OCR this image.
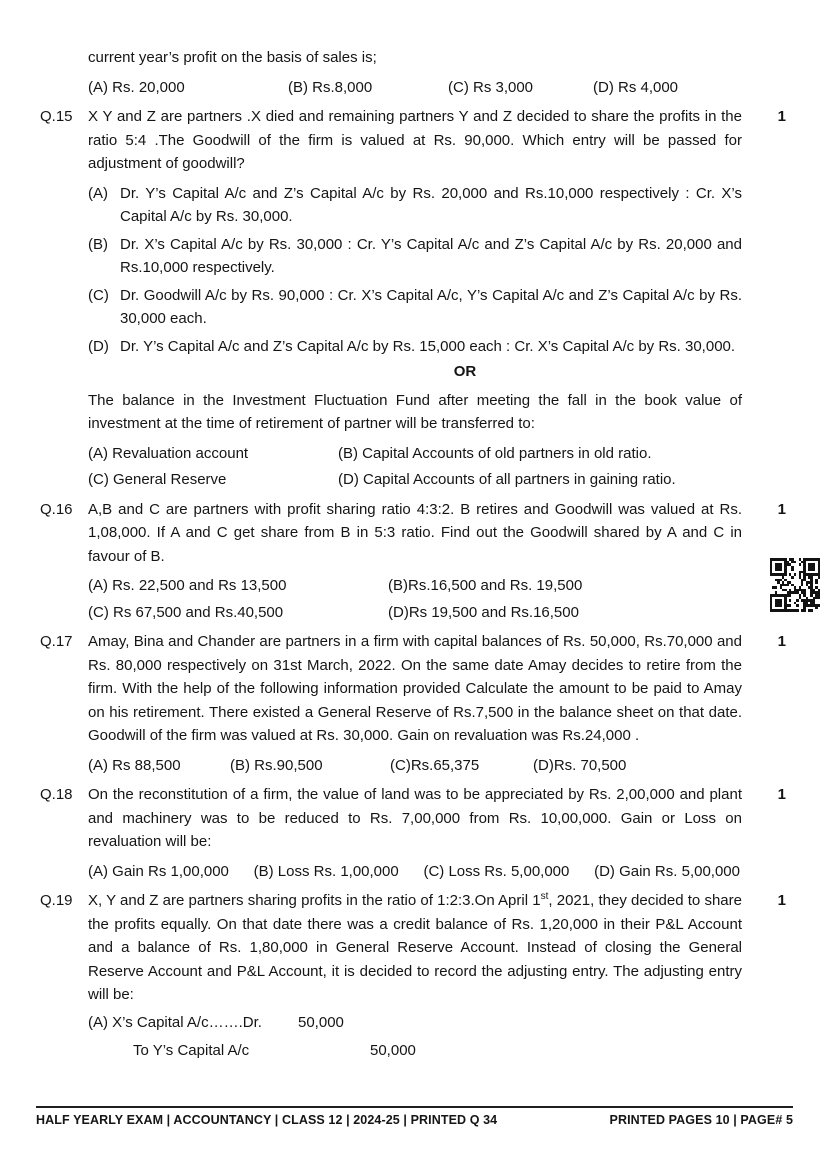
current year’s profit on the basis of sales is;
(A) Rs. 20,000	(B) Rs.8,000	(C) Rs 3,000	(D) Rs 4,000
Q.15	X Y and Z are partners .X died and remaining partners Y and Z decided to share the profits in the ratio 5:4 .The Goodwill of the firm is valued at Rs. 90,000. Which entry will be passed for adjustment of goodwill?
(A) Dr. Y’s Capital A/c and Z’s Capital A/c by Rs. 20,000 and Rs.10,000 respectively : Cr. X’s Capital A/c by Rs. 30,000.
(B) Dr. X’s Capital A/c by Rs. 30,000 : Cr. Y’s Capital A/c and Z’s Capital A/c by Rs. 20,000 and Rs.10,000 respectively.
(C) Dr. Goodwill A/c by Rs. 90,000 : Cr. X’s Capital A/c, Y’s Capital A/c and Z’s Capital A/c by Rs. 30,000 each.
(D) Dr. Y’s Capital A/c and Z’s Capital A/c by Rs. 15,000 each : Cr. X’s Capital A/c by Rs. 30,000.
1
OR
The balance in the Investment Fluctuation Fund after meeting the fall in the book value of investment at the time of retirement of partner will be transferred to:
(A) Revaluation account	(B) Capital Accounts of old partners in old ratio.
(C) General Reserve	(D) Capital Accounts of all partners in gaining ratio.
Q.16	A,B and C are partners with profit sharing ratio 4:3:2. B retires and Goodwill was valued at Rs. 1,08,000. If A and C get share from B in 5:3 ratio. Find out the Goodwill shared by A and C in favour of B.
(A) Rs. 22,500 and Rs 13,500	(B)Rs.16,500 and Rs. 19,500
(C) Rs 67,500 and Rs.40,500	(D)Rs 19,500 and Rs.16,500
1
Q.17	Amay, Bina and Chander are partners in a firm with capital balances of Rs. 50,000, Rs.70,000 and Rs. 80,000 respectively on 31st March, 2022. On the same date Amay decides to retire from the firm. With the help of the following information provided Calculate the amount to be paid to Amay on his retirement. There existed a General Reserve of Rs.7,500 in the balance sheet on that date. Goodwill of the firm was valued at Rs. 30,000. Gain on revaluation was Rs.24,000 .
(A) Rs 88,500	(B) Rs.90,500	(C)Rs.65,375	(D)Rs. 70,500
1
Q.18	On the reconstitution of a firm, the value of land was to be appreciated by Rs. 2,00,000 and plant and machinery was to be reduced to Rs. 7,00,000 from Rs. 10,00,000. Gain or Loss on revaluation will be:
(A) Gain Rs 1,00,000 (B) Loss Rs. 1,00,000 (C) Loss Rs. 5,00,000 (D) Gain Rs. 5,00,000
1
Q.19	X, Y and Z are partners sharing profits in the ratio of 1:2:3.On April 1st, 2021, they decided to share the profits equally. On that date there was a credit balance of Rs. 1,20,000 in their P&L Account and a balance of Rs. 1,80,000 in General Reserve Account. Instead of closing the General Reserve Account and P&L Account, it is decided to record the adjusting entry. The adjusting entry will be:
(A) X’s Capital A/c…….Dr. 50,000
To Y’s Capital A/c	50,000
1
HALF YEARLY EXAM | ACCOUNTANCY | CLASS 12 | 2024-25 | PRINTED Q 34	PRINTED PAGES 10 | PAGE# 5
